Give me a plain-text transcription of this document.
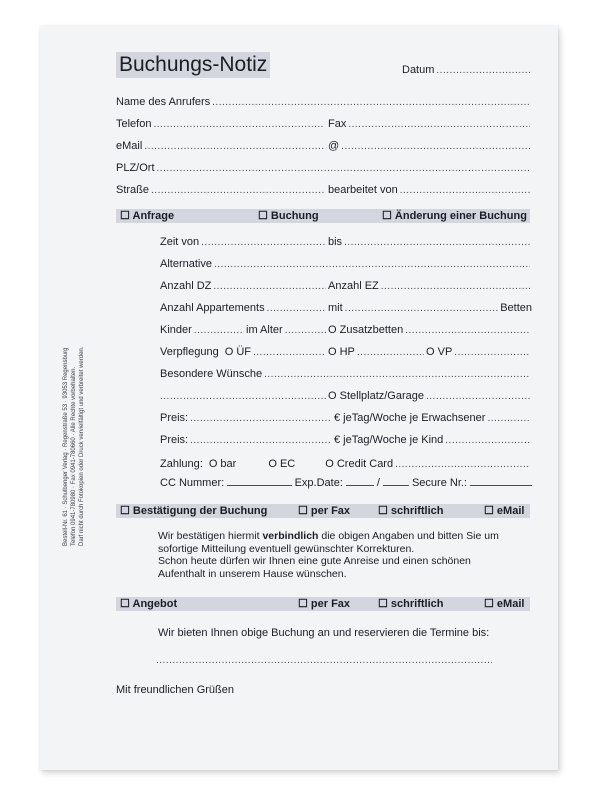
Buchungs-Notiz	Datum
.....
Name des Anrufers
.....
Telefon .....	Fax
.....
eMail .....	@
.....
PLZ/Ort
.....
Straße .....	bearbeitet von
.....
☐ Anfrage	☐ Buchung	☐ Änderung einer Buchung
Zeit von .....	bis
.....
Alternative
.....
Anzahl DZ .....	Anzahl EZ
.....
Anzahl Appartements .....	mit .....	Betten
Kinder .....	im Alter .....	O Zusatzbetten
.....
Verpflegung O ÜF .....	O HP .....	O VP
.....
Besondere Wünsche
.....
.....
O Stellplatz/Garage
.....
Preis: .....	€ jeTag/Woche je Erwachsener
.....
Preis: .....	€ jeTag/Woche je Kind
.....
Zahlung: O bar	O EC	O Credit Card
.....
CC Nummer:	Exp.Date:	/	Secure Nr.:
☐ Bestätigung der Buchung	☐ per Fax	☐ schriftlich	☐ eMail
Wir bestätigen hiermit verbindlich die obigen Angaben und bitten Sie um
sofortige Mitteilung eventuell gewünschter Korrekturen.
Schon heute dürfen wir Ihnen eine gute Anreise und einen schönen
Aufenthalt in unserem Hause wünschen.
☐ Angebot	☐ per Fax	☐ schriftlich	☐ eMail
Wir bieten Ihnen obige Buchung an und reservieren die Termine bis:
.....
Mit freundlichen Grüßen
Bestell-Nr. 61 · Schulbenger Verlag · Regenstraße 53 · 93053 Regensburg Telefon 0941-780980 · Fax 0941-780660 · Alle Rechte vorbehalten. Darf nicht durch Fotokopien oder Druck vervielfältigt und verbreitet werden.
